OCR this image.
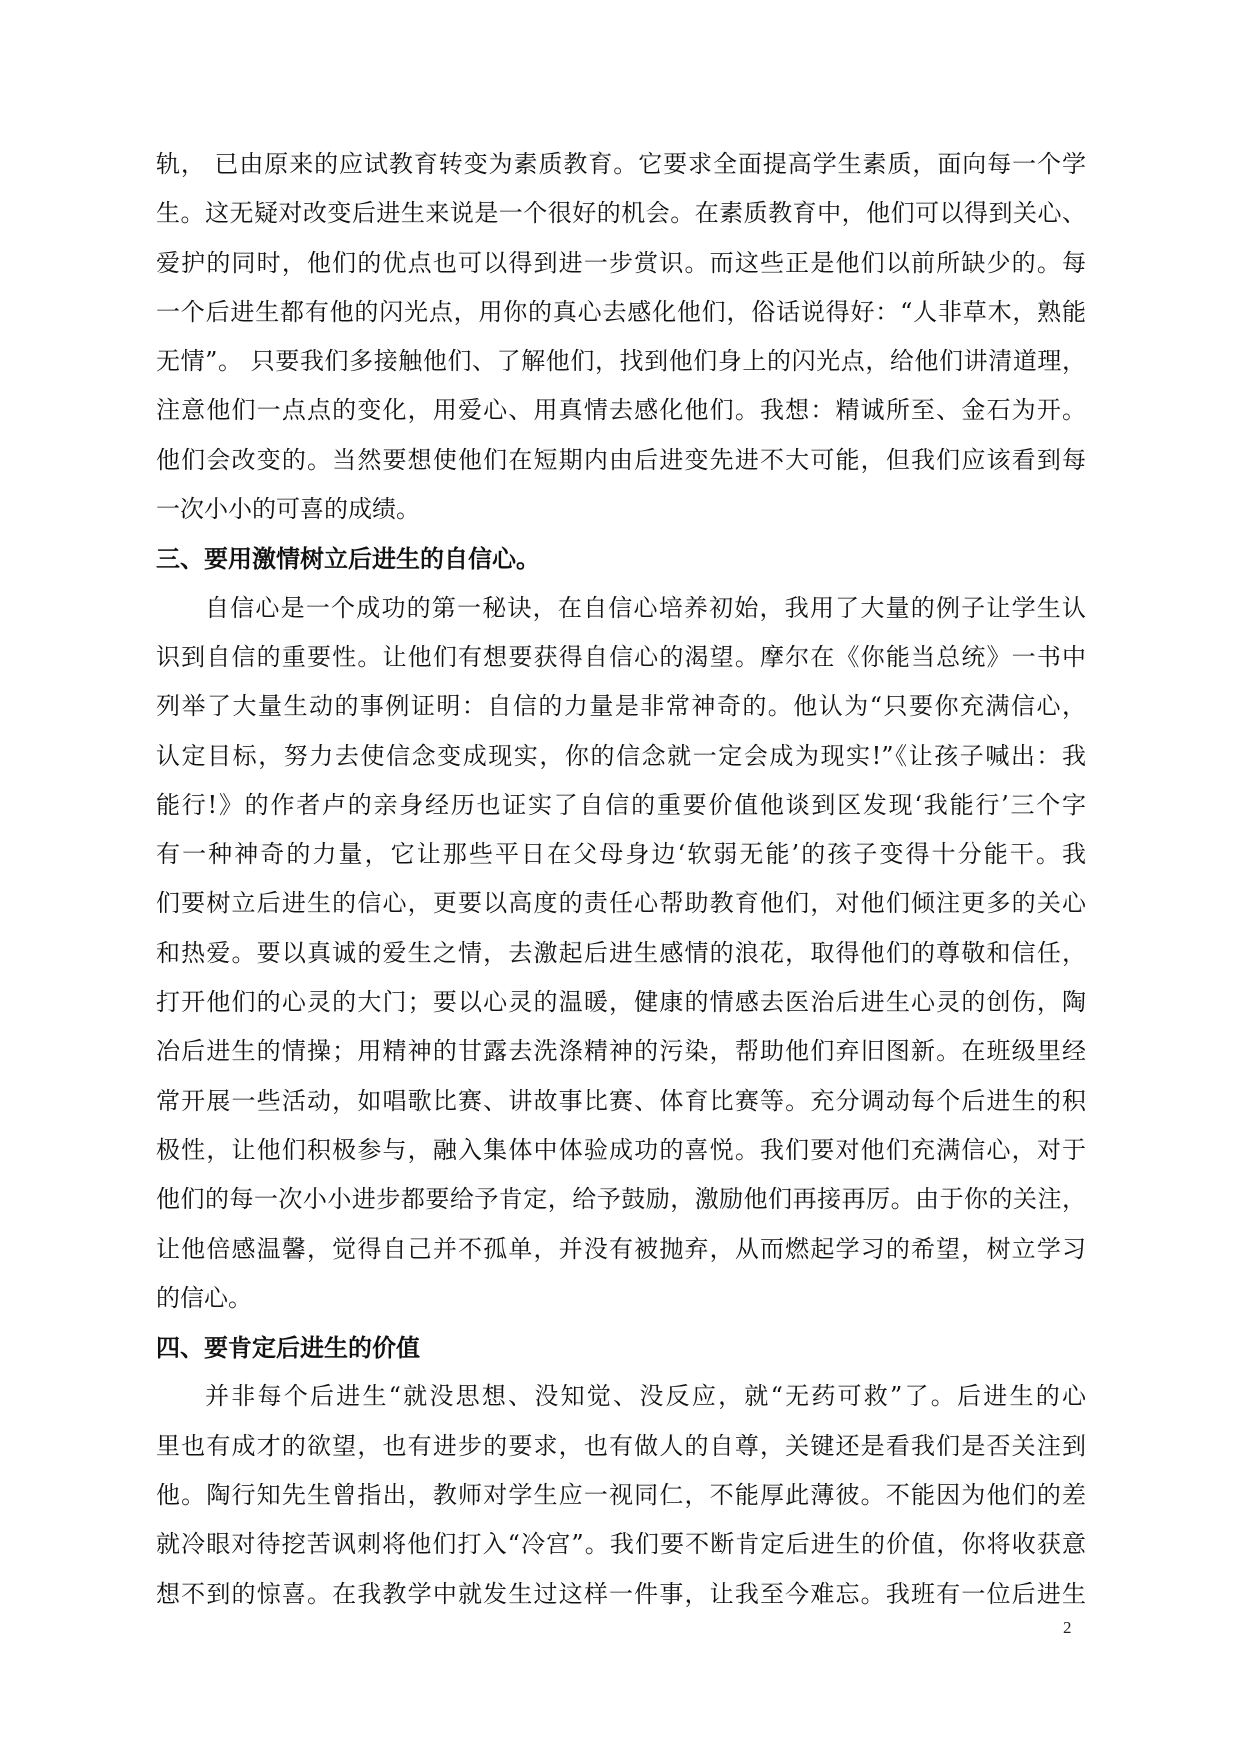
轨， 已由原来的应试教育转变为素质教育。它要求全面提高学生素质，面向每一个学
生。这无疑对改变后进生来说是一个很好的机会。在素质教育中，他们可以得到关心、
爱护的同时，他们的优点也可以得到进一步赏识。而这些正是他们以前所缺少的。每
一个后进生都有他的闪光点，用你的真心去感化他们，俗话说得好：“人非草木，熟能
无情”。 只要我们多接触他们、了解他们，找到他们身上的闪光点，给他们讲清道理，
注意他们一点点的变化，用爱心、用真情去感化他们。我想：精诚所至、金石为开。
他们会改变的。当然要想使他们在短期内由后进变先进不大可能，但我们应该看到每
一次小小的可喜的成绩。
三、要用激情树立后进生的自信心。
自信心是一个成功的第一秘诀，在自信心培养初始，我用了大量的例子让学生认
识到自信的重要性。让他们有想要获得自信心的渴望。摩尔在《你能当总统》一书中
列举了大量生动的事例证明：自信的力量是非常神奇的。他认为“只要你充满信心，
认定目标，努力去使信念变成现实，你的信念就一定会成为现实!”《让孩子喊出：我
能行!》的作者卢的亲身经历也证实了自信的重要价值他谈到区发现‘我能行’三个字
有一种神奇的力量，它让那些平日在父母身边‘软弱无能’的孩子变得十分能干。我
们要树立后进生的信心，更要以高度的责任心帮助教育他们，对他们倾注更多的关心
和热爱。要以真诚的爱生之情，去激起后进生感情的浪花，取得他们的尊敬和信任，
打开他们的心灵的大门；要以心灵的温暖，健康的情感去医治后进生心灵的创伤，陶
冶后进生的情操；用精神的甘露去洗涤精神的污染，帮助他们弃旧图新。在班级里经
常开展一些活动，如唱歌比赛、讲故事比赛、体育比赛等。充分调动每个后进生的积
极性，让他们积极参与，融入集体中体验成功的喜悦。我们要对他们充满信心，对于
他们的每一次小小进步都要给予肯定，给予鼓励，激励他们再接再厉。由于你的关注，
让他倍感温馨，觉得自己并不孤单，并没有被抛弃，从而燃起学习的希望，树立学习
的信心。
四、要肯定后进生的价值
并非每个后进生“就没思想、没知觉、没反应，就“无药可救”了。后进生的心
里也有成才的欲望，也有进步的要求，也有做人的自尊，关键还是看我们是否关注到
他。陶行知先生曾指出，教师对学生应一视同仁，不能厚此薄彼。不能因为他们的差
就冷眼对待挖苦讽刺将他们打入“冷宫”。我们要不断肯定后进生的价值，你将收获意
想不到的惊喜。在我教学中就发生过这样一件事，让我至今难忘。我班有一位后进生
2
